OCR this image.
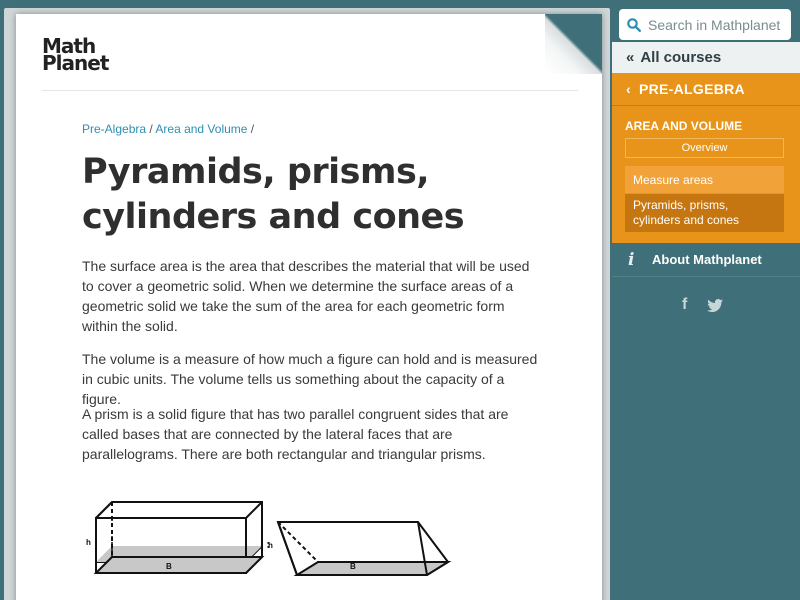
Math
Planet
Pre-Algebra / Area and Volume /
Pyramids, prisms, cylinders and cones

The surface area is the area that describes the material that will be used to cover a geometric solid. When we determine the surface areas of a geometric solid we take the sum of the area for each geometric form within the solid.

The volume is a measure of how much a figure can hold and is measured in cubic units. The volume tells us something about the capacity of a figure.

A prism is a solid figure that has two parallel congruent sides that are called bases that are connected by the lateral faces that are parallelograms. There are both rectangular and triangular prisms.

h
B
h
B
Search in Mathplanet
« All courses
‹ PRE-ALGEBRA
AREA AND VOLUME
Overview
Measure areas
Pyramids, prisms, cylinders and cones
i	About Mathplanet
f
